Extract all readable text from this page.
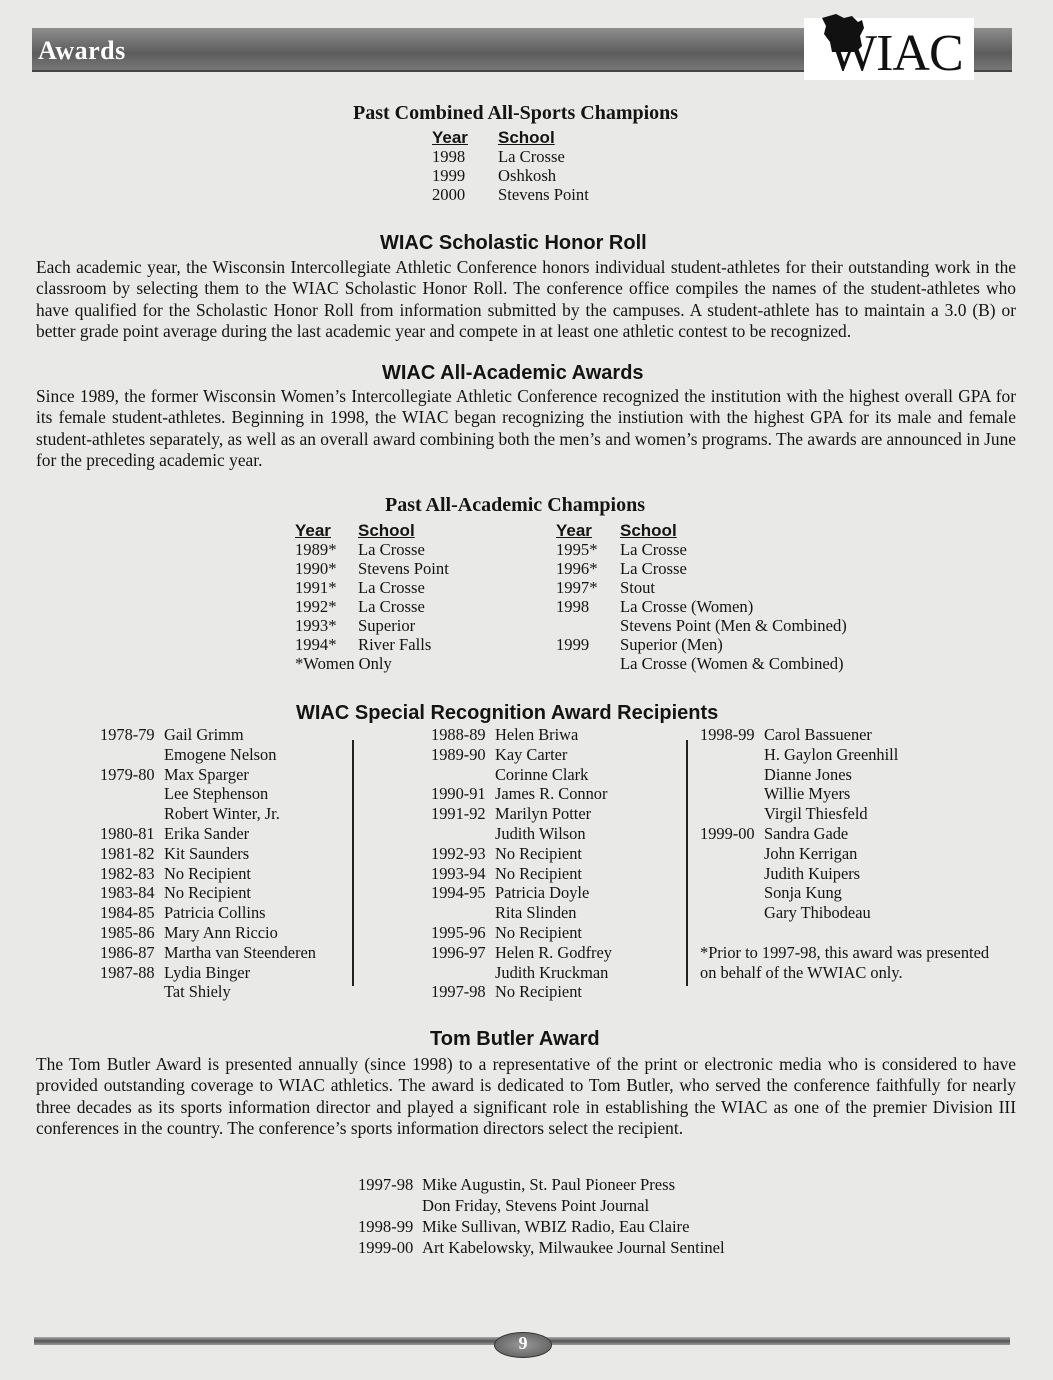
Awards	WIAC
Past Combined All-Sports Champions
Year	School
1998	La Crosse
1999	Oshkosh
2000	Stevens Point
WIAC Scholastic Honor Roll
Each academic year, the Wisconsin Intercollegiate Athletic Conference honors individual student-athletes for their outstanding work in the classroom by selecting them to the WIAC Scholastic Honor Roll. The conference office compiles the names of the student-athletes who have qualified for the Scholastic Honor Roll from information submitted by the campuses. A student-athlete has to maintain a 3.0 (B) or better grade point average during the last academic year and compete in at least one athletic contest to be recognized.
WIAC All-Academic Awards
Since 1989, the former Wisconsin Women’s Intercollegiate Athletic Conference recognized the institution with the highest overall GPA for its female student-athletes. Beginning in 1998, the WIAC began recognizing the instiution with the highest GPA for its male and female student-athletes separately, as well as an overall award combining both the men’s and women’s programs. The awards are announced in June for the preceding academic year.
Past All-Academic Champions
Year	School
1989*	La Crosse
1990*	Stevens Point
1991*	La Crosse
1992*	La Crosse
1993*	Superior
1994*	River Falls
*Women Only
Year	School
1995*	La Crosse
1996*	La Crosse
1997*	Stout
1998	La Crosse (Women)
Stevens Point (Men & Combined)
1999	Superior (Men)
La Crosse (Women & Combined)
WIAC Special Recognition Award Recipients
1978-79 Gail Grimm
Emogene Nelson
1979-80 Max Sparger
Lee Stephenson
Robert Winter, Jr.
1980-81 Erika Sander
1981-82 Kit Saunders
1982-83 No Recipient
1983-84 No Recipient
1984-85 Patricia Collins
1985-86 Mary Ann Riccio
1986-87 Martha van Steenderen
1987-88 Lydia Binger
Tat Shiely
1988-89 Helen Briwa
1989-90 Kay Carter
Corinne Clark
1990-91 James R. Connor
1991-92 Marilyn Potter
Judith Wilson
1992-93 No Recipient
1993-94 No Recipient
1994-95 Patricia Doyle
Rita Slinden
1995-96 No Recipient
1996-97 Helen R. Godfrey
Judith Kruckman
1997-98 No Recipient
1998-99 Carol Bassuener
H. Gaylon Greenhill
Dianne Jones
Willie Myers
Virgil Thiesfeld
1999-00 Sandra Gade
John Kerrigan
Judith Kuipers
Sonja Kung
Gary Thibodeau
*Prior to 1997-98, this award was presented
on behalf of the WWIAC only.
Tom Butler Award
The Tom Butler Award is presented annually (since 1998) to a representative of the print or electronic media who is considered to have provided outstanding coverage to WIAC athletics. The award is dedicated to Tom Butler, who served the conference faithfully for nearly three decades as its sports information director and played a significant role in establishing the WIAC as one of the premier Division III conferences in the country. The conference’s sports information directors select the recipient.
1997-98 Mike Augustin, St. Paul Pioneer Press
Don Friday, Stevens Point Journal
1998-99 Mike Sullivan, WBIZ Radio, Eau Claire
1999-00 Art Kabelowsky, Milwaukee Journal Sentinel
9
